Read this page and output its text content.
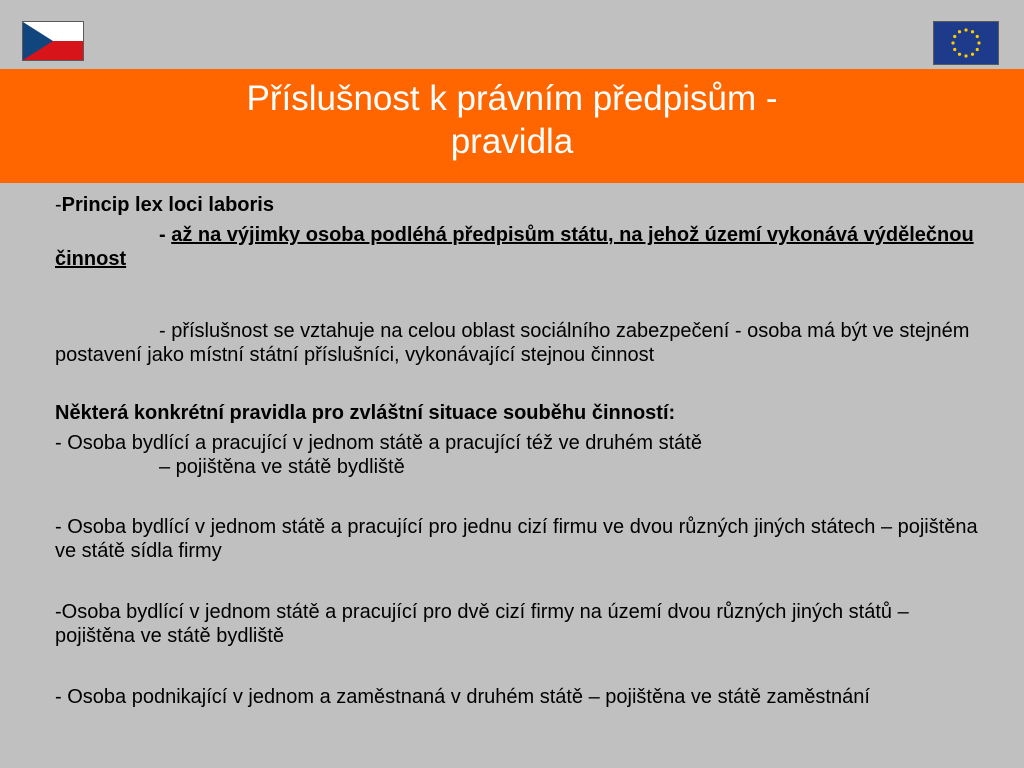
Příslušnost k právním předpisům -
pravidla

-Princip lex loci laboris

- až na výjimky osoba podléhá předpisům státu, na jehož území vykonává výdělečnou činnost

- příslušnost se vztahuje na celou oblast sociálního zabezpečení - osoba má být ve stejném postavení jako místní státní příslušníci, vykonávající stejnou činnost

Některá konkrétní pravidla pro zvláštní situace souběhu činností:

- Osoba bydlící a pracující v jednom státě a pracující též ve druhém státě
– pojištěna ve státě bydliště

- Osoba bydlící v jednom státě a pracující pro jednu cizí firmu ve dvou různých jiných státech – pojištěna ve státě sídla firmy

-Osoba bydlící v jednom státě a pracující pro dvě cizí firmy na území dvou různých jiných států – pojištěna ve státě bydliště

- Osoba podnikající v jednom a zaměstnaná v druhém státě – pojištěna ve státě zaměstnání
